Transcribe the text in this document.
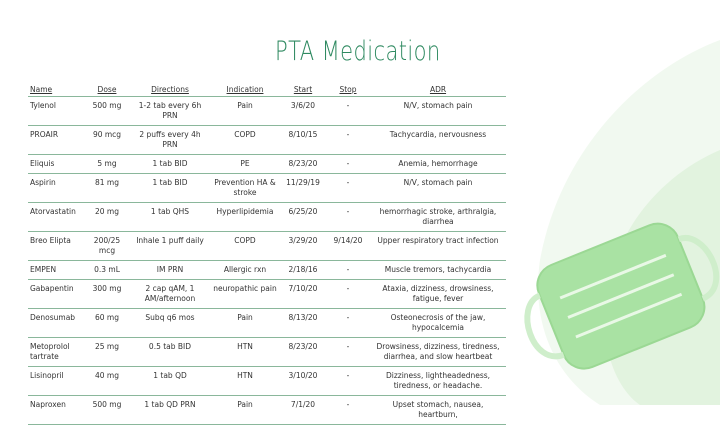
PTA Medication
Name	Dose	Directions	Indication	Start	Stop	ADR
Tylenol	500 mg	1-2 tab every 6h PRN	Pain	3/6/20	-	N/V, stomach pain
PROAIR	90 mcg	2 puffs every 4h PRN	COPD	8/10/15	-	Tachycardia, nervousness
Eliquis	5 mg	1 tab BID	PE	8/23/20	-	Anemia, hemorrhage
Aspirin	81 mg	1 tab BID	Prevention HA & stroke	11/29/19	-	N/V, stomach pain
Atorvastatin	20 mg	1 tab QHS	Hyperlipidemia	6/25/20	-	hemorrhagic stroke, arthralgia, diarrhea
Breo Elipta	200/25 mcg	Inhale 1 puff daily	COPD	3/29/20	9/14/20	Upper respiratory tract infection
EMPEN	0.3 mL	IM PRN	Allergic rxn	2/18/16	-	Muscle tremors, tachycardia
Gabapentin	300 mg	2 cap qAM, 1 AM/afternoon	neuropathic pain	7/10/20	-	Ataxia, dizziness, drowsiness, fatigue, fever
Denosumab	60 mg	Subq q6 mos	Pain	8/13/20	-	Osteonecrosis of the jaw, hypocalcemia
Metoprolol tartrate	25 mg	0.5 tab BID	HTN	8/23/20	-	Drowsiness, dizziness, tiredness, diarrhea, and slow heartbeat
Lisinopril	40 mg	1 tab QD	HTN	3/10/20	-	Dizziness, lightheadedness, tiredness, or headache.
Naproxen	500 mg	1 tab QD PRN	Pain	7/1/20	-	Upset stomach, nausea, heartburn,
